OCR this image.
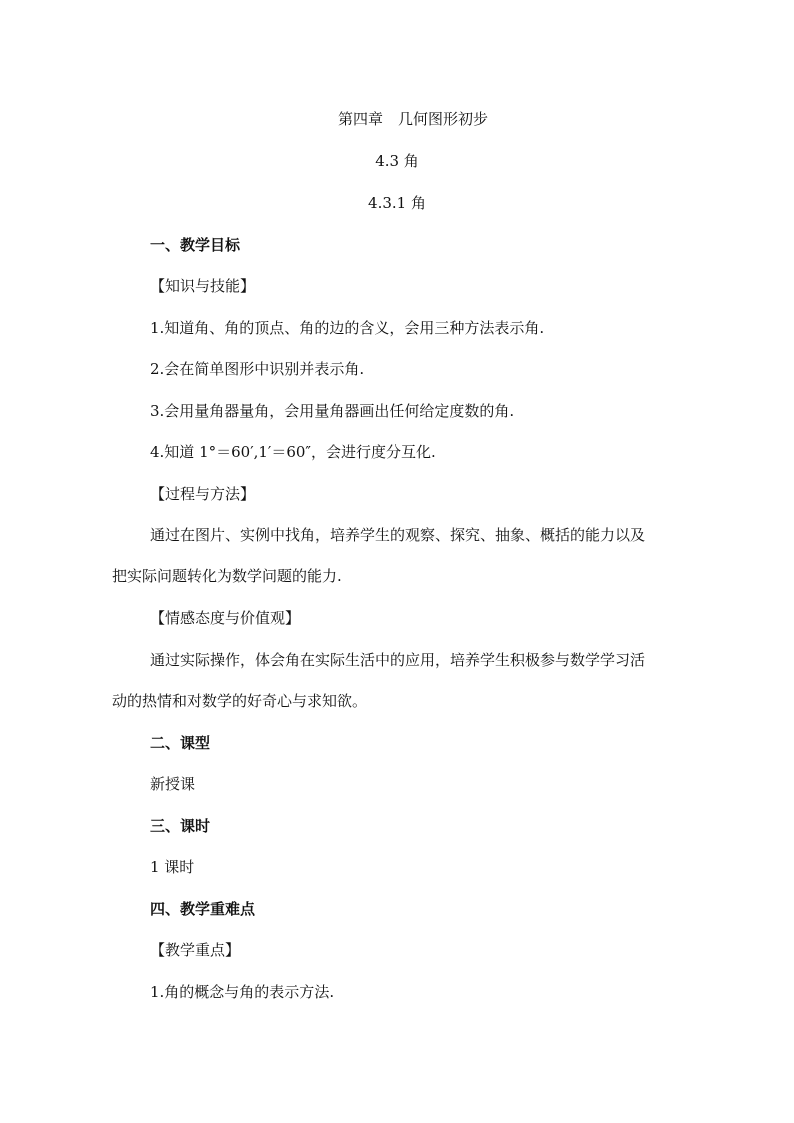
第四章　几何图形初步
4.3 角
4.3.1 角
一、教学目标
【知识与技能】
1.知道角、角的顶点、角的边的含义，会用三种方法表示角.
2.会在简单图形中识别并表示角.
3.会用量角器量角，会用量角器画出任何给定度数的角.
4.知道 1°＝60′,1′＝60″，会进行度分互化.
【过程与方法】
通过在图片、实例中找角，培养学生的观察、探究、抽象、概括的能力以及
把实际问题转化为数学问题的能力.
【情感态度与价值观】
通过实际操作，体会角在实际生活中的应用，培养学生积极参与数学学习活
动的热情和对数学的好奇心与求知欲。
二、课型
新授课
三、课时
1 课时
四、教学重难点
【教学重点】
1.角的概念与角的表示方法.
